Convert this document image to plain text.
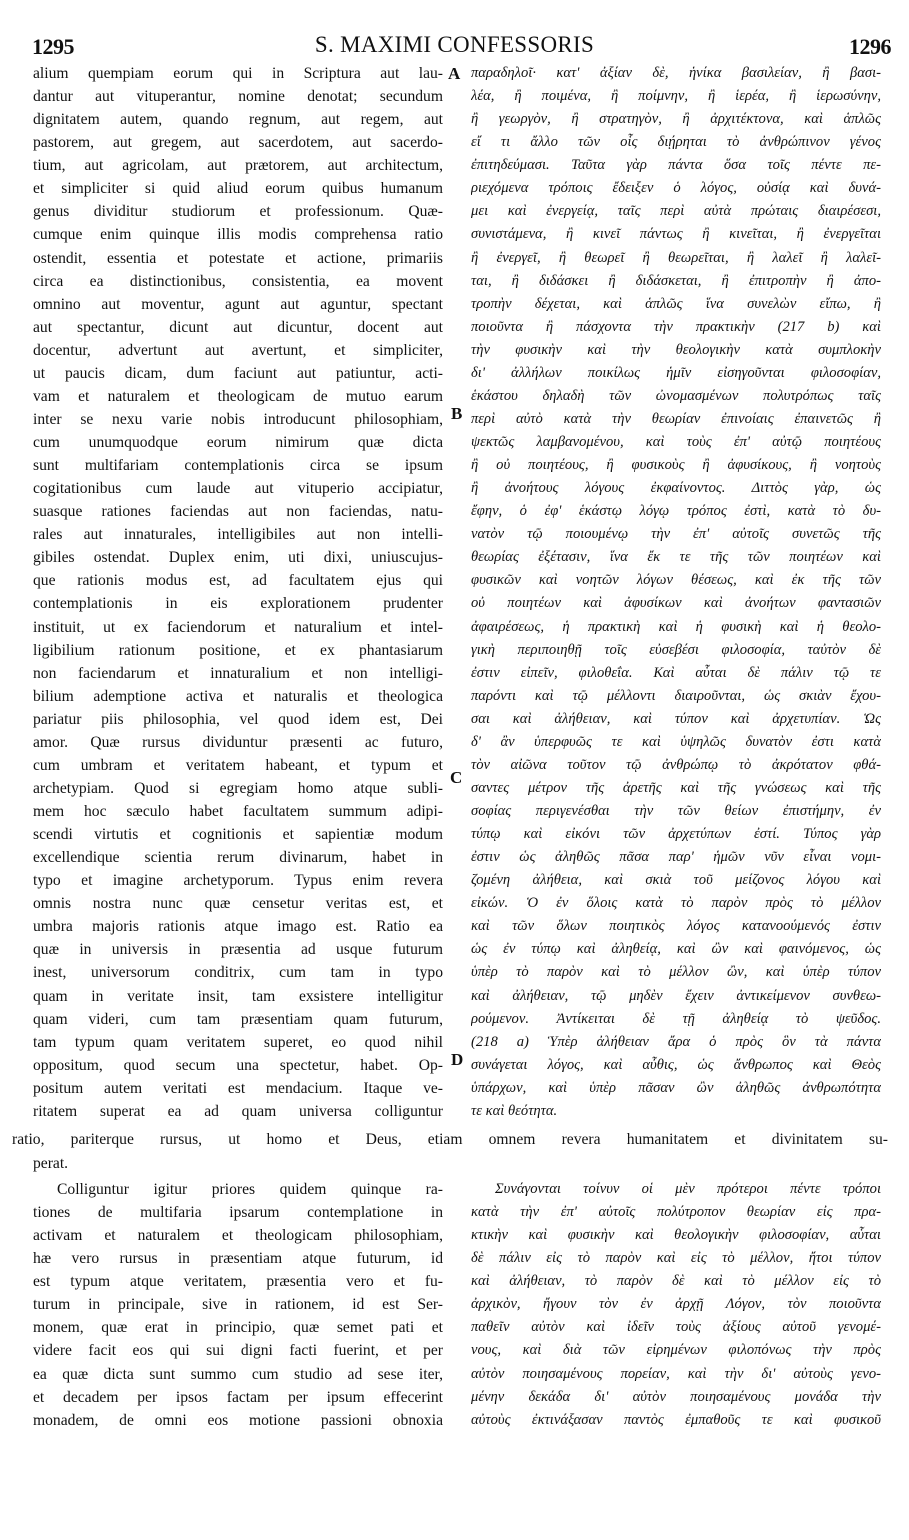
1295	S. MAXIMI CONFESSORIS	1296
alium quempiam eorum qui in Scriptura aut lau-
dantur aut vituperantur, nomine denotat; secundum
dignitatem autem, quando regnum, aut regem, aut
pastorem, aut gregem, aut sacerdotem, aut sacerdo-
tium, aut agricolam, aut prætorem, aut architectum,
et simpliciter si quid aliud eorum quibus humanum
genus dividitur studiorum et professionum. Quæ-
cumque enim quinque illis modis comprehensa ratio
ostendit, essentia et potestate et actione, primariis
circa ea distinctionibus, consistentia, ea movent
omnino aut moventur, agunt aut aguntur, spectant
aut spectantur, dicunt aut dicuntur, docent aut
docentur, advertunt aut avertunt, et simpliciter,
ut paucis dicam, dum faciunt aut patiuntur, acti-
vam et naturalem et theologicam de mutuo earum
inter se nexu varie nobis introducunt philosophiam,
cum unumquodque eorum nimirum quæ dicta
sunt multifariam contemplationis circa se ipsum
cogitationibus cum laude aut vituperio accipiatur,
suasque rationes faciendas aut non faciendas, natu-
rales aut innaturales, intelligibiles aut non intelli-
gibiles ostendat. Duplex enim, uti dixi, uniuscujus-
que rationis modus est, ad facultatem ejus qui
contemplationis in eis explorationem prudenter
instituit, ut ex faciendorum et naturalium et intel-
ligibilium rationum positione, et ex phantasiarum
non faciendarum et innaturalium et non intelligi-
bilium ademptione activa et naturalis et theologica
pariatur piis philosophia, vel quod idem est, Dei
amor. Quæ rursus dividuntur præsenti ac futuro,
cum umbram et veritatem habeant, et typum et
archetypiam. Quod si egregiam homo atque subli-
mem hoc sæculo habet facultatem summum adipi-
scendi virtutis et cognitionis et sapientiæ modum
excellendique scientia rerum divinarum, habet in
typo et imagine archetyporum. Typus enim revera
omnis nostra nunc quæ censetur veritas est, et
umbra majoris rationis atque imago est. Ratio ea
quæ in universis in præsentia ad usque futurum
inest, universorum conditrix, cum tam in typo
quam in veritate insit, tam exsistere intelligitur
quam videri, cum tam præsentiam quam futurum,
tam typum quam veritatem superet, eo quod nihil
oppositum, quod secum una spectetur, habet. Op-
positum autem veritati est mendacium. Itaque ve-
ritatem superat ea ad quam universa colliguntur
παραδηλοῖ· κατ' ἀξίαν δὲ, ἡνίκα βασιλείαν, ἢ βασι-
λέα, ἢ ποιμένα, ἢ ποίμνην, ἢ ἱερέα, ἢ ἱερωσύνην,
ἢ γεωργὸν, ἢ στρατηγὸν, ἢ ἀρχιτέκτονα, καὶ ἁπλῶς
εἴ τι ἄλλο τῶν οἷς διῄρηται τὸ ἀνθρώπινον γένος
ἐπιτηδεύμασι. Ταῦτα γὰρ πάντα ὅσα τοῖς πέντε πε-
ριεχόμενα τρόποις ἔδειξεν ὁ λόγος, οὐσίᾳ καὶ δυνά-
μει καὶ ἐνεργείᾳ, ταῖς περὶ αὐτὰ πρώταις διαιρέσεσι,
συνιστάμενα, ἢ κινεῖ πάντως ἢ κινεῖται, ἢ ἐνεργεῖται
ἢ ἐνεργεῖ, ἢ θεωρεῖ ἢ θεωρεῖται, ἢ λαλεῖ ἢ λαλεῖ-
ται, ἢ διδάσκει ἢ διδάσκεται, ἢ ἐπιτροπὴν ἢ ἀπο-
τροπὴν δέχεται, καὶ ἁπλῶς ἵνα συνελὼν εἴπω, ἢ
ποιοῦντα ἢ πάσχοντα τὴν πρακτικὴν (217 b) καὶ
τὴν φυσικὴν καὶ τὴν θεολογικὴν κατὰ συμπλοκὴν
δι' ἀλλήλων ποικίλως ἡμῖν εἰσηγοῦνται φιλοσοφίαν,
ἑκάστου δηλαδὴ τῶν ὠνομασμένων πολυτρόπως ταῖς
περὶ αὐτὸ κατὰ τὴν θεωρίαν ἐπινοίαις ἐπαινετῶς ἢ
ψεκτῶς λαμβανομένου, καὶ τοὺς ἐπ' αὐτῷ ποιητέους
ἢ οὐ ποιητέους, ἢ φυσικοὺς ἢ ἀφυσίκους, ἢ νοητοὺς
ἢ ἀνοήτους λόγους ἐκφαίνοντος. Διττὸς γὰρ, ὡς
ἔφην, ὁ ἐφ' ἑκάστῳ λόγῳ τρόπος ἐστὶ, κατὰ τὸ δυ-
νατὸν τῷ ποιουμένῳ τὴν ἐπ' αὐτοῖς συνετῶς τῆς
θεωρίας ἐξέτασιν, ἵνα ἔκ τε τῆς τῶν ποιητέων καὶ
φυσικῶν καὶ νοητῶν λόγων θέσεως, καὶ ἐκ τῆς τῶν
οὐ ποιητέων καὶ ἀφυσίκων καὶ ἀνοήτων φαντασιῶν
ἀφαιρέσεως, ἡ πρακτικὴ καὶ ἡ φυσικὴ καὶ ἡ θεολο-
γικὴ περιποιηθῇ τοῖς εὐσεβέσι φιλοσοφία, ταὐτὸν δὲ
ἐστιν εἰπεῖν, φιλοθεΐα. Καὶ αὗται δὲ πάλιν τῷ τε
παρόντι καὶ τῷ μέλλοντι διαιροῦνται, ὡς σκιὰν ἔχου-
σαι καὶ ἀλήθειαν, καὶ τύπον καὶ ἀρχετυπίαν. Ὡς
δ' ἂν ὑπερφυῶς τε καὶ ὑψηλῶς δυνατὸν ἐστι κατὰ
τὸν αἰῶνα τοῦτον τῷ ἀνθρώπῳ τὸ ἀκρότατον φθά-
σαντες μέτρον τῆς ἀρετῆς καὶ τῆς γνώσεως καὶ τῆς
σοφίας περιγενέσθαι τὴν τῶν θείων ἐπιστήμην, ἐν
τύπῳ καὶ εἰκόνι τῶν ἀρχετύπων ἐστί. Τύπος γὰρ
ἐστιν ὡς ἀληθῶς πᾶσα παρ' ἡμῶν νῦν εἶναι νομι-
ζομένη ἀλήθεια, καὶ σκιὰ τοῦ μείζονος λόγου καὶ
εἰκών. Ὁ ἐν ὅλοις κατὰ τὸ παρὸν πρὸς τὸ μέλλον
καὶ τῶν ὅλων ποιητικὸς λόγος κατανοούμενός ἐστιν
ὡς ἐν τύπῳ καὶ ἀληθείᾳ, καὶ ὢν καὶ φαινόμενος, ὡς
ὑπὲρ τὸ παρὸν καὶ τὸ μέλλον ὢν, καὶ ὑπὲρ τύπον
καὶ ἀλήθειαν, τῷ μηδὲν ἔχειν ἀντικείμενον συνθεω-
ρούμενον. Ἀντίκειται δὲ τῇ ἀληθείᾳ τὸ ψεῦδος.
(218 a) Ὑπὲρ ἀλήθειαν ἄρα ὁ πρὸς ὃν τὰ πάντα
συνάγεται λόγος, καὶ αὖθις, ὡς ἄνθρωπος καὶ Θεὸς
ὑπάρχων, καὶ ὑπὲρ πᾶσαν ὢν ἀληθῶς ἀνθρωπότητα
τε καὶ θεότητα.
A
B
C
D
ratio, pariterque rursus, ut homo et Deus, etiam omnem revera humanitatem et divinitatem su-
perat.
Colliguntur igitur priores quidem quinque ra-
tiones de multifaria ipsarum contemplatione in
activam et naturalem et theologicam philosophiam,
hæ vero rursus in præsentiam atque futurum, id
est typum atque veritatem, præsentia vero et fu-
turum in principale, sive in rationem, id est Ser-
monem, quæ erat in principio, quæ semet pati et
videre facit eos qui sui digni facti fuerint, et per
ea quæ dicta sunt summo cum studio ad sese iter,
et decadem per ipsos factam per ipsum effecerint
monadem, de omni eos motione passioni obnoxia
Συνάγονται τοίνυν οἱ μὲν πρότεροι πέντε τρόποι
κατὰ τὴν ἐπ' αὐτοῖς πολύτροπον θεωρίαν εἰς πρα-
κτικὴν καὶ φυσικὴν καὶ θεολογικὴν φιλοσοφίαν, αὗται
δὲ πάλιν εἰς τὸ παρὸν καὶ εἰς τὸ μέλλον, ἤτοι τύπον
καὶ ἀλήθειαν, τὸ παρὸν δὲ καὶ τὸ μέλλον εἰς τὸ
ἀρχικὸν, ἤγουν τὸν ἐν ἀρχῇ Λόγον, τὸν ποιοῦντα
παθεῖν αὐτὸν καὶ ἰδεῖν τοὺς ἀξίους αὐτοῦ γενομέ-
νους, καὶ διὰ τῶν εἰρημένων φιλοπόνως τὴν πρὸς
αὐτὸν ποιησαμένους πορείαν, καὶ τὴν δι' αὐτοὺς γενο-
μένην δεκάδα δι' αὐτὸν ποιησαμένους μονάδα τὴν
αὐτοὺς ἐκτινάξασαν παντὸς ἐμπαθοῦς τε καὶ φυσικοῦ
